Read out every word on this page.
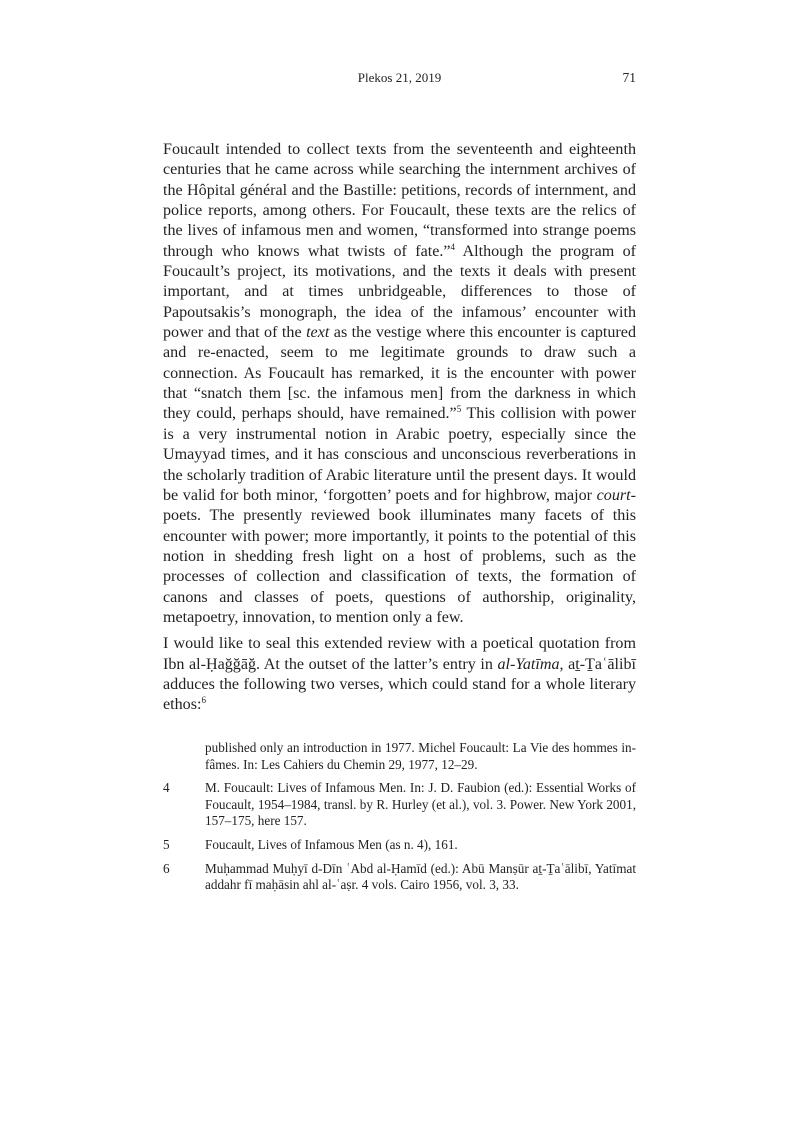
Plekos 21, 2019	71

Foucault intended to collect texts from the seventeenth and eighteenth centuries that he came across while searching the internment archives of the Hôpital général and the Bastille: petitions, records of internment, and police reports, among others. For Foucault, these texts are the relics of the lives of infamous men and women, “transformed into strange poems through who knows what twists of fate.”$^4$ Although the program of Foucault’s project, its motivations, and the texts it deals with present important, and at times unbridgeable, differences to those of Papoutsakis’s monograph, the idea of the infamous’ encounter with power and that of the text as the vestige where this encounter is captured and re-enacted, seem to me legitimate grounds to draw such a connection. As Foucault has remarked, it is the encounter with power that “snatch them [sc. the infamous men] from the darkness in which they could, perhaps should, have remained.”$^5$ This collision with power is a very instrumental notion in Arabic poetry, especially since the Umayyad times, and it has conscious and unconscious reverberations in the scholarly tradition of Arabic literature until the present days. It would be valid for both minor, ‘forgotten’ poets and for highbrow, major court-poets. The presently reviewed book illuminates many facets of this encounter with power; more importantly, it points to the potential of this notion in shedding fresh light on a host of problems, such as the processes of collection and classification of texts, the formation of canons and classes of poets, questions of authorship, originality, metapoetry, innovation, to mention only a few.

I would like to seal this extended review with a poetical quotation from Ibn al-Ḥağğāğ. At the outset of the latter’s entry in al-Yatīma, aṯ-Ṯaʿālibī adduces the following two verses, which could stand for a whole literary ethos:$^6$

published only an introduction in 1977. Michel Foucault: La Vie des hommes infâmes. In: Les Cahiers du Chemin 29, 1977, 12–29.
4	M. Foucault: Lives of Infamous Men. In: J. D. Faubion (ed.): Essential Works of Foucault, 1954–1984, transl. by R. Hurley (et al.), vol. 3. Power. New York 2001, 157–175, here 157.
5	Foucault, Lives of Infamous Men (as n. 4), 161.
6	Muḥammad Muḥyī d-Dīn ʿAbd al-Ḥamīd (ed.): Abū Manṣūr aṯ-Ṯaʿālibī, Yatīmat addahr fī maḥāsin ahl al-ʿaṣr. 4 vols. Cairo 1956, vol. 3, 33.
